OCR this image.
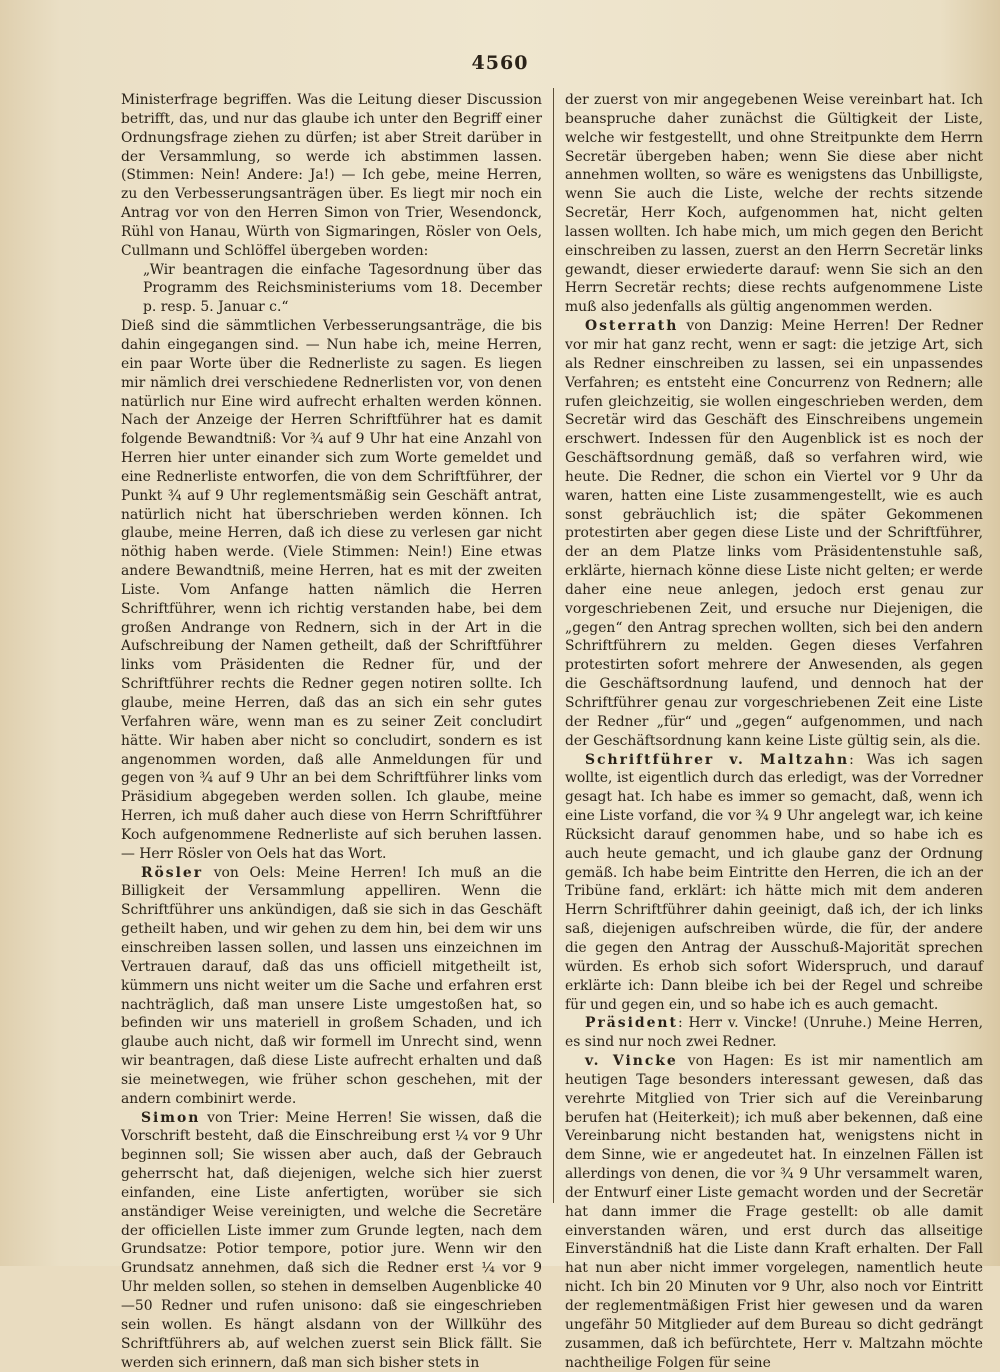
4560

Ministerfrage begriffen. Was die Leitung dieser Discussion betrifft, das, und nur das glaube ich unter den Begriff einer Ordnungsfrage ziehen zu dürfen; ist aber Streit darüber in der Versammlung, so werde ich abstimmen lassen. (Stimmen: Nein! Andere: Ja!) — Ich gebe, meine Herren, zu den Verbesserungsanträgen über. Es liegt mir noch ein Antrag vor von den Herren Simon von Trier, Wesendonck, Rühl von Hanau, Würth von Sigmaringen, Rösler von Oels, Cullmann und Schlöffel übergeben worden:

„Wir beantragen die einfache Tagesordnung über das Programm des Reichsministeriums vom 18. December p. resp. 5. Januar c.“

Dieß sind die sämmtlichen Verbesserungsanträge, die bis dahin eingegangen sind. — Nun habe ich, meine Herren, ein paar Worte über die Rednerliste zu sagen. Es liegen mir nämlich drei verschiedene Rednerlisten vor, von denen natürlich nur Eine wird aufrecht erhalten werden können. Nach der Anzeige der Herren Schriftführer hat es damit folgende Bewandtniß: Vor ¾ auf 9 Uhr hat eine Anzahl von Herren hier unter einander sich zum Worte gemeldet und eine Rednerliste entworfen, die von dem Schriftführer, der Punkt ¾ auf 9 Uhr reglementsmäßig sein Geschäft antrat, natürlich nicht hat überschrieben werden können. Ich glaube, meine Herren, daß ich diese zu verlesen gar nicht nöthig haben werde. (Viele Stimmen: Nein!) Eine etwas andere Bewandtniß, meine Herren, hat es mit der zweiten Liste. Vom Anfange hatten nämlich die Herren Schriftführer, wenn ich richtig verstanden habe, bei dem großen Andrange von Rednern, sich in der Art in die Aufschreibung der Namen getheilt, daß der Schriftführer links vom Präsidenten die Redner für, und der Schriftführer rechts die Redner gegen notiren sollte. Ich glaube, meine Herren, daß das an sich ein sehr gutes Verfahren wäre, wenn man es zu seiner Zeit concludirt hätte. Wir haben aber nicht so concludirt, sondern es ist angenommen worden, daß alle Anmeldungen für und gegen von ¾ auf 9 Uhr an bei dem Schriftführer links vom Präsidium abgegeben werden sollen. Ich glaube, meine Herren, ich muß daher auch diese von Herrn Schriftführer Koch aufgenommene Rednerliste auf sich beruhen lassen. — Herr Rösler von Oels hat das Wort.

Rösler von Oels: Meine Herren! Ich muß an die Billigkeit der Versammlung appelliren. Wenn die Schriftführer uns ankündigen, daß sie sich in das Geschäft getheilt haben, und wir gehen zu dem hin, bei dem wir uns einschreiben lassen sollen, und lassen uns einzeichnen im Vertrauen darauf, daß das uns officiell mitgetheilt ist, kümmern uns nicht weiter um die Sache und erfahren erst nachträglich, daß man unsere Liste umgestoßen hat, so befinden wir uns materiell in großem Schaden, und ich glaube auch nicht, daß wir formell im Unrecht sind, wenn wir beantragen, daß diese Liste aufrecht erhalten und daß sie meinetwegen, wie früher schon geschehen, mit der andern combinirt werde.

Simon von Trier: Meine Herren! Sie wissen, daß die Vorschrift besteht, daß die Einschreibung erst ¼ vor 9 Uhr beginnen soll; Sie wissen aber auch, daß der Gebrauch geherrscht hat, daß diejenigen, welche sich hier zuerst einfanden, eine Liste anfertigten, worüber sie sich anständiger Weise vereinigten, und welche die Secretäre der officiellen Liste immer zum Grunde legten, nach dem Grundsatze: Potior tempore, potior jure. Wenn wir den Grundsatz annehmen, daß sich die Redner erst ¼ vor 9 Uhr melden sollen, so stehen in demselben Augenblicke 40—50 Redner und rufen unisono: daß sie eingeschrieben sein wollen. Es hängt alsdann von der Willkühr des Schriftführers ab, auf welchen zuerst sein Blick fällt. Sie werden sich erinnern, daß man sich bisher stets in

der zuerst von mir angegebenen Weise vereinbart hat. Ich beanspruche daher zunächst die Gültigkeit der Liste, welche wir festgestellt, und ohne Streitpunkte dem Herrn Secretär übergeben haben; wenn Sie diese aber nicht annehmen wollten, so wäre es wenigstens das Unbilligste, wenn Sie auch die Liste, welche der rechts sitzende Secretär, Herr Koch, aufgenommen hat, nicht gelten lassen wollten. Ich habe mich, um mich gegen den Bericht einschreiben zu lassen, zuerst an den Herrn Secretär links gewandt, dieser erwiederte darauf: wenn Sie sich an den Herrn Secretär rechts; diese rechts aufgenommene Liste muß also jedenfalls als gültig angenommen werden.

Osterrath von Danzig: Meine Herren! Der Redner vor mir hat ganz recht, wenn er sagt: die jetzige Art, sich als Redner einschreiben zu lassen, sei ein unpassendes Verfahren; es entsteht eine Concurrenz von Rednern; alle rufen gleichzeitig, sie wollen eingeschrieben werden, dem Secretär wird das Geschäft des Einschreibens ungemein erschwert. Indessen für den Augenblick ist es noch der Geschäftsordnung gemäß, daß so verfahren wird, wie heute. Die Redner, die schon ein Viertel vor 9 Uhr da waren, hatten eine Liste zusammengestellt, wie es auch sonst gebräuchlich ist; die später Gekommenen protestirten aber gegen diese Liste und der Schriftführer, der an dem Platze links vom Präsidentenstuhle saß, erklärte, hiernach könne diese Liste nicht gelten; er werde daher eine neue anlegen, jedoch erst genau zur vorgeschriebenen Zeit, und ersuche nur Diejenigen, die „gegen“ den Antrag sprechen wollten, sich bei den andern Schriftführern zu melden. Gegen dieses Verfahren protestirten sofort mehrere der Anwesenden, als gegen die Geschäftsordnung laufend, und dennoch hat der Schriftführer genau zur vorgeschriebenen Zeit eine Liste der Redner „für“ und „gegen“ aufgenommen, und nach der Geschäftsordnung kann keine Liste gültig sein, als die.

Schriftführer v. Maltzahn: Was ich sagen wollte, ist eigentlich durch das erledigt, was der Vorredner gesagt hat. Ich habe es immer so gemacht, daß, wenn ich eine Liste vorfand, die vor ¾ 9 Uhr angelegt war, ich keine Rücksicht darauf genommen habe, und so habe ich es auch heute gemacht, und ich glaube ganz der Ordnung gemäß. Ich habe beim Eintritte den Herren, die ich an der Tribüne fand, erklärt: ich hätte mich mit dem anderen Herrn Schriftführer dahin geeinigt, daß ich, der ich links saß, diejenigen aufschreiben würde, die für, der andere die gegen den Antrag der Ausschuß-Majorität sprechen würden. Es erhob sich sofort Widerspruch, und darauf erklärte ich: Dann bleibe ich bei der Regel und schreibe für und gegen ein, und so habe ich es auch gemacht.

Präsident: Herr v. Vincke! (Unruhe.) Meine Herren, es sind nur noch zwei Redner.

v. Vincke von Hagen: Es ist mir namentlich am heutigen Tage besonders interessant gewesen, daß das verehrte Mitglied von Trier sich auf die Vereinbarung berufen hat (Heiterkeit); ich muß aber bekennen, daß eine Vereinbarung nicht bestanden hat, wenigstens nicht in dem Sinne, wie er angedeutet hat. In einzelnen Fällen ist allerdings von denen, die vor ¾ 9 Uhr versammelt waren, der Entwurf einer Liste gemacht worden und der Secretär hat dann immer die Frage gestellt: ob alle damit einverstanden wären, und erst durch das allseitige Einverständniß hat die Liste dann Kraft erhalten. Der Fall hat nun aber nicht immer vorgelegen, namentlich heute nicht. Ich bin 20 Minuten vor 9 Uhr, also noch vor Eintritt der reglementmäßigen Frist hier gewesen und da waren ungefähr 50 Mitglieder auf dem Bureau so dicht gedrängt zusammen, daß ich befürchtete, Herr v. Maltzahn möchte nachtheilige Folgen für seine
